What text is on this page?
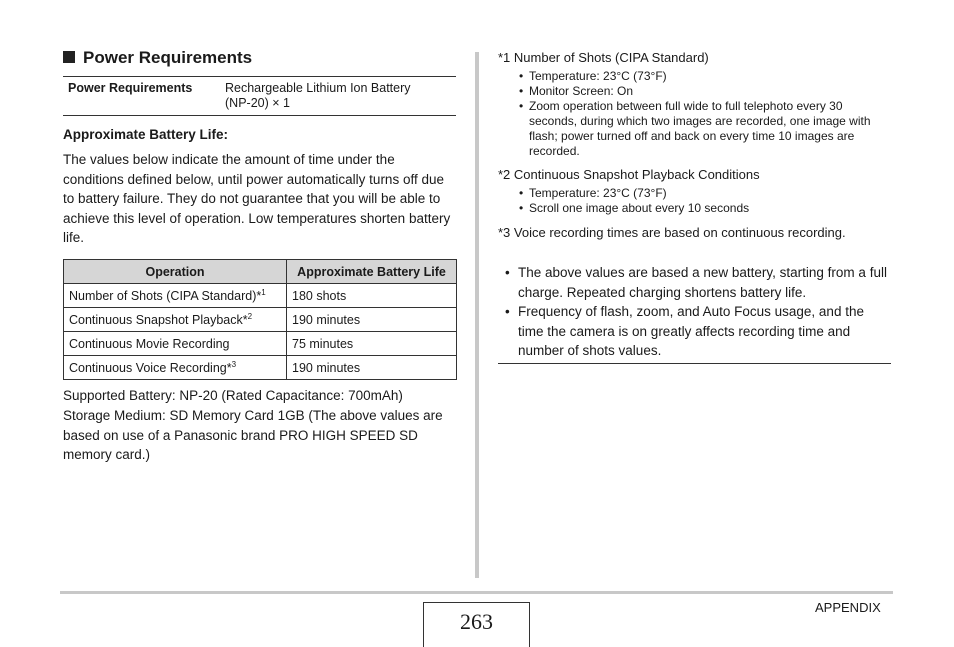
Power Requirements
Power Requirements	Rechargeable Lithium Ion Battery
(NP-20) × 1
Approximate Battery Life:
The values below indicate the amount of time under the conditions defined below, until power automatically turns off due to battery failure. They do not guarantee that you will be able to achieve this level of operation. Low temperatures shorten battery life.
Operation	Approximate Battery Life
Number of Shots (CIPA Standard)*$^1$	180 shots
Continuous Snapshot Playback*$^2$	190 minutes
Continuous Movie Recording	75 minutes
Continuous Voice Recording*$^3$	190 minutes
Supported Battery: NP-20 (Rated Capacitance: 700mAh)
Storage Medium: SD Memory Card 1GB (The above values are based on use of a Panasonic brand PRO HIGH SPEED SD memory card.)
*1 Number of Shots (CIPA Standard)
• Temperature: 23°C (73°F)
• Monitor Screen: On
• Zoom operation between full wide to full telephoto every 30 seconds, during which two images are recorded, one image with flash; power turned off and back on every time 10 images are recorded.
*2 Continuous Snapshot Playback Conditions
• Temperature: 23°C (73°F)
• Scroll one image about every 10 seconds
*3 Voice recording times are based on continuous recording.
• The above values are based a new battery, starting from a full charge. Repeated charging shortens battery life.
• Frequency of flash, zoom, and Auto Focus usage, and the time the camera is on greatly affects recording time and number of shots values.
APPENDIX
263
